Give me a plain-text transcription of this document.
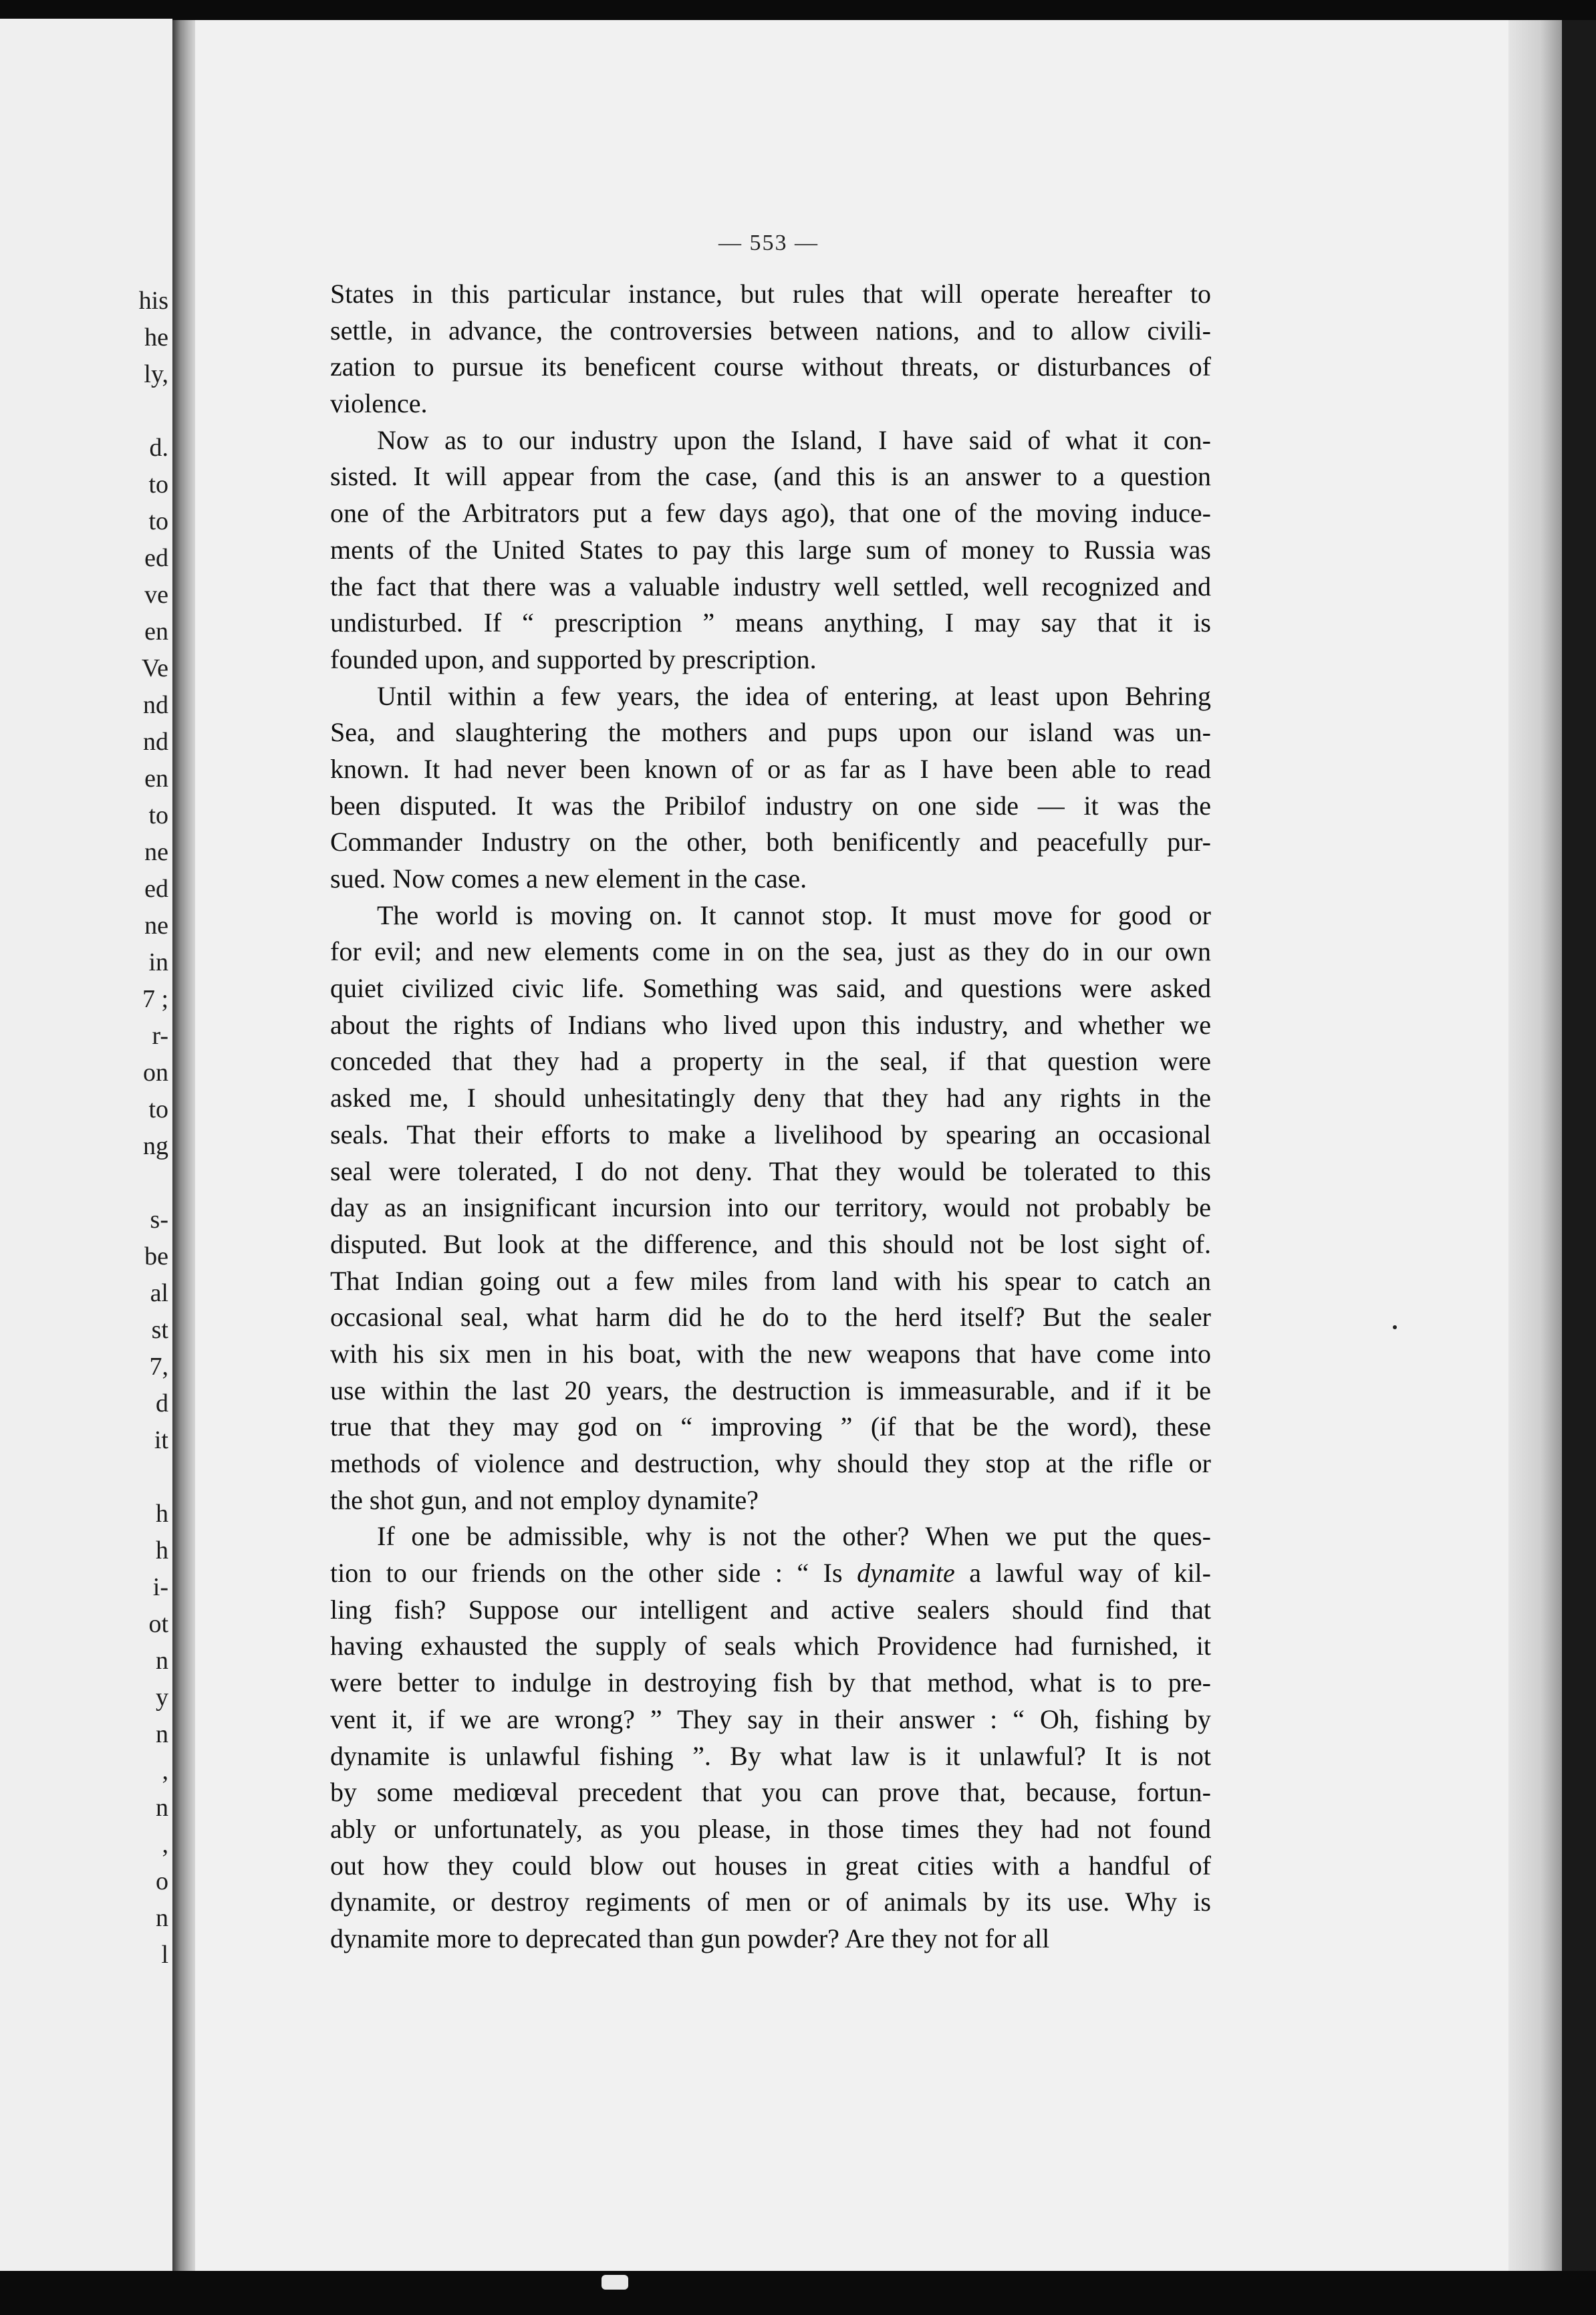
his
he
ly,
d.
to
to
ed
ve
en
Ve
nd
nd
en
to
ne
ed
ne
in
7 ;
r-
on
to
ng
s-
be
al
st
7,
d
it
h
h
i-
ot
n
y
n
,
n
,
o
n
l
— 553 —
States in this particular instance, but rules that will operate hereafter to
settle, in advance, the controversies between nations, and to allow civili-
zation to pursue its beneficent course without threats, or disturbances of
violence.
Now as to our industry upon the Island, I have said of what it con-
sisted. It will appear from the case, (and this is an answer to a question
one of the Arbitrators put a few days ago), that one of the moving induce-
ments of the United States to pay this large sum of money to Russia was
the fact that there was a valuable industry well settled, well recognized and
undisturbed. If “ prescription ” means anything, I may say that it is
founded upon, and supported by prescription.
Until within a few years, the idea of entering, at least upon Behring
Sea, and slaughtering the mothers and pups upon our island was un-
known. It had never been known of or as far as I have been able to read
been disputed. It was the Pribilof industry on one side — it was the
Commander Industry on the other, both benificently and peacefully pur-
sued. Now comes a new element in the case.
The world is moving on. It cannot stop. It must move for good or
for evil; and new elements come in on the sea, just as they do in our own
quiet civilized civic life. Something was said, and questions were asked
about the rights of Indians who lived upon this industry, and whether we
conceded that they had a property in the seal, if that question were
asked me, I should unhesitatingly deny that they had any rights in the
seals. That their efforts to make a livelihood by spearing an occasional
seal were tolerated, I do not deny. That they would be tolerated to this
day as an insignificant incursion into our territory, would not probably be
disputed. But look at the difference, and this should not be lost sight of.
That Indian going out a few miles from land with his spear to catch an
occasional seal, what harm did he do to the herd itself? But the sealer
with his six men in his boat, with the new weapons that have come into
use within the last 20 years, the destruction is immeasurable, and if it be
true that they may god on “ improving ” (if that be the word), these
methods of violence and destruction, why should they stop at the rifle or
the shot gun, and not employ dynamite?
If one be admissible, why is not the other? When we put the ques-
tion to our friends on the other side : “ Is dynamite a lawful way of kil-
ling fish? Suppose our intelligent and active sealers should find that
having exhausted the supply of seals which Providence had furnished, it
were better to indulge in destroying fish by that method, what is to pre-
vent it, if we are wrong? ” They say in their answer : “ Oh, fishing by
dynamite is unlawful fishing ”. By what law is it unlawful? It is not
by some mediœval precedent that you can prove that, because, fortun-
ably or unfortunately, as you please, in those times they had not found
out how they could blow out houses in great cities with a handful of
dynamite, or destroy regiments of men or of animals by its use. Why is
dynamite more to deprecated than gun powder? Are they not for all
